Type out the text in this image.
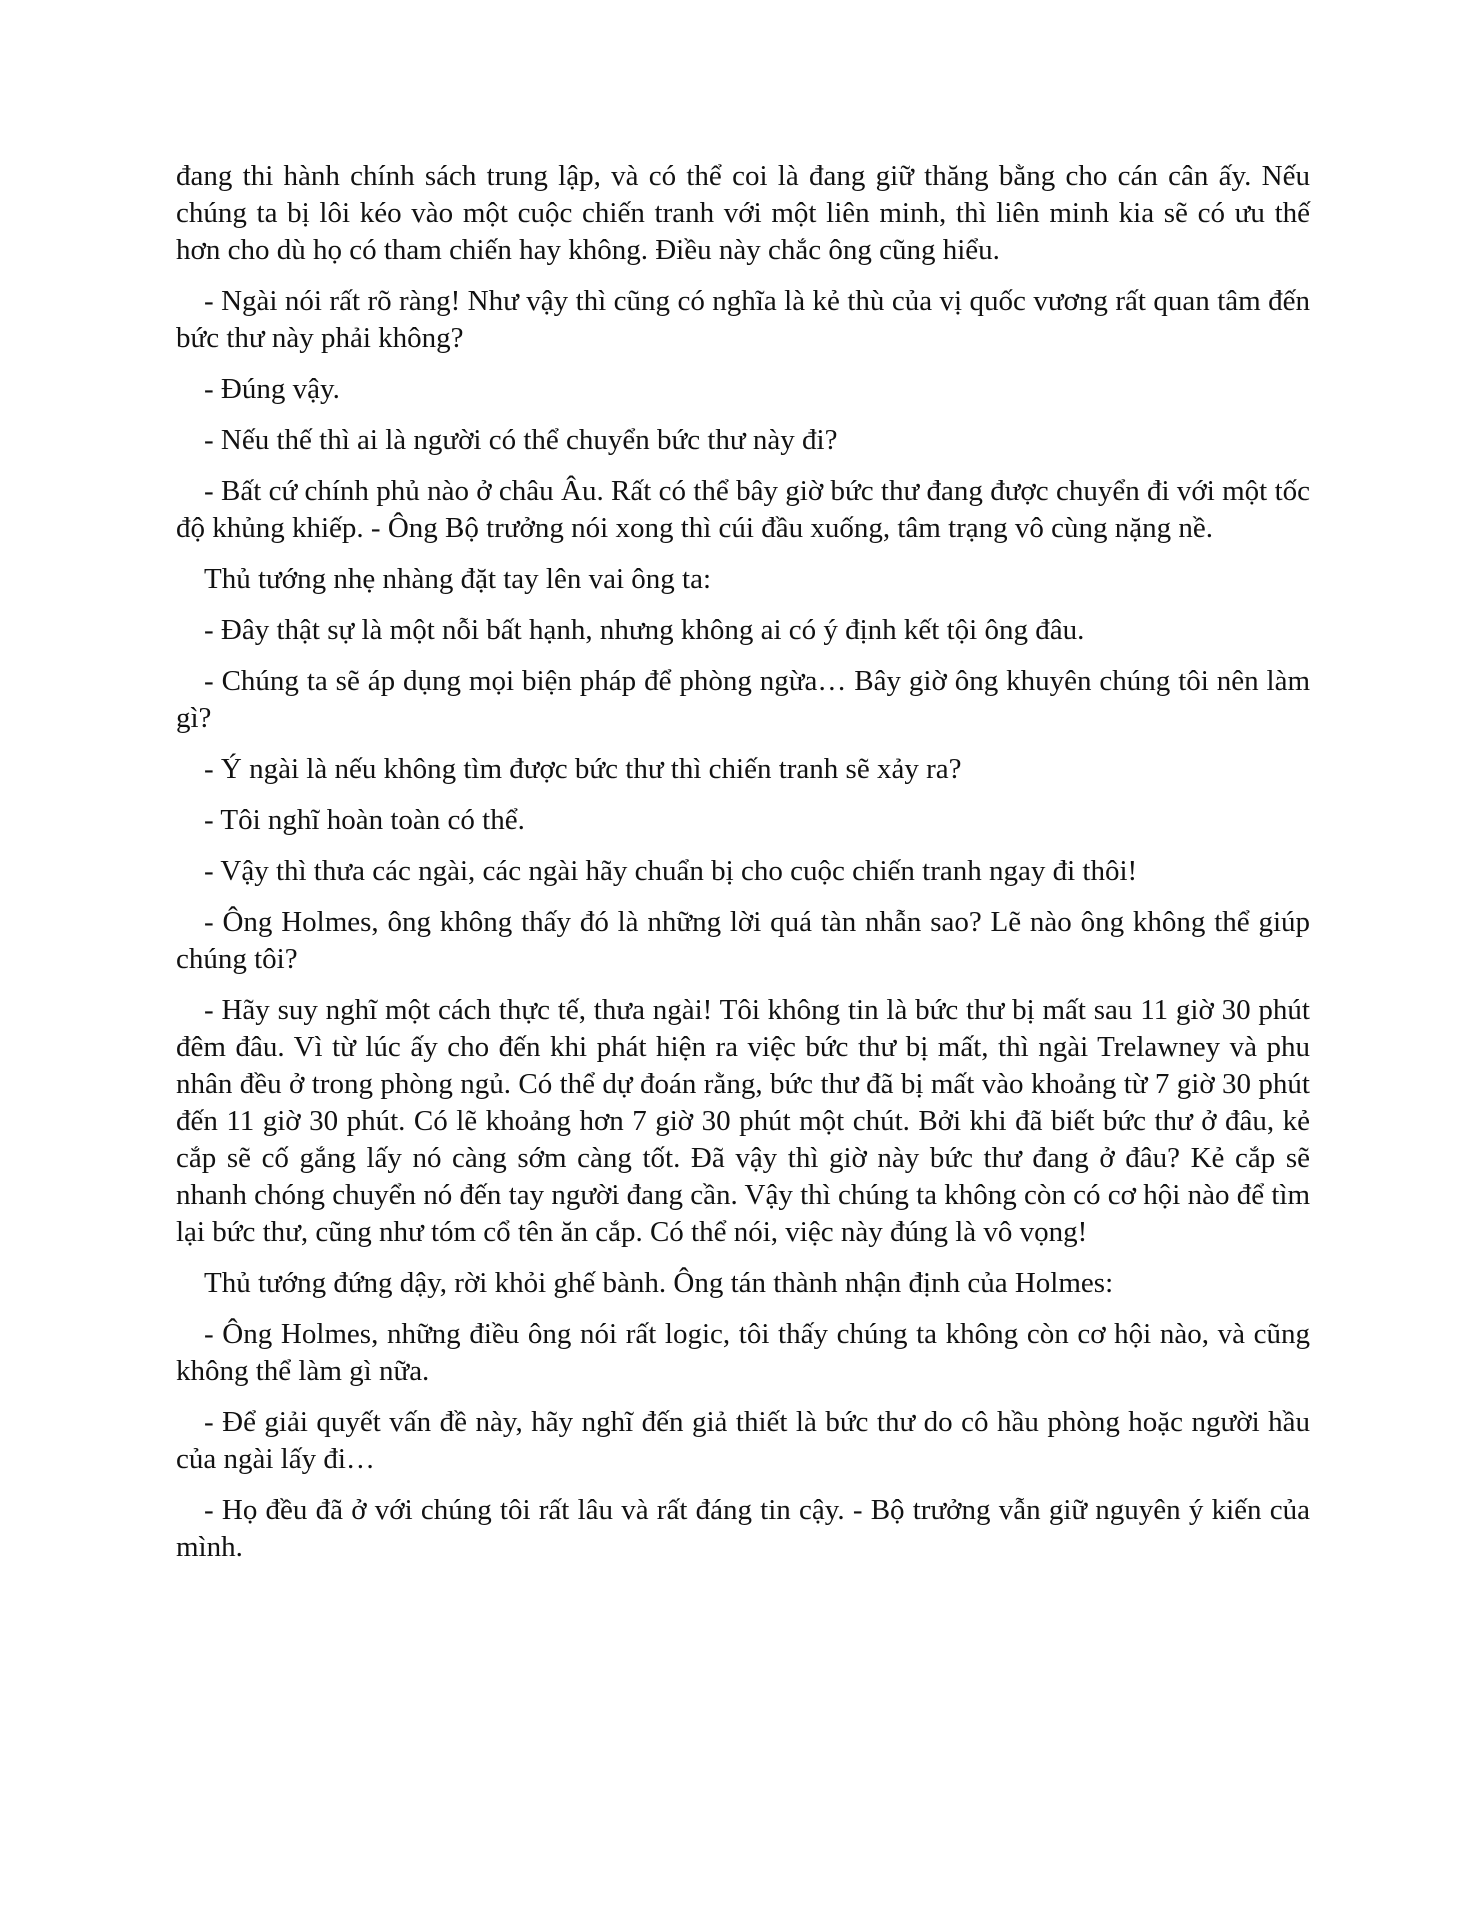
đang thi hành chính sách trung lập, và có thể coi là đang giữ thăng bằng cho cán cân ấy. Nếu chúng ta bị lôi kéo vào một cuộc chiến tranh với một liên minh, thì liên minh kia sẽ có ưu thế hơn cho dù họ có tham chiến hay không. Điều này chắc ông cũng hiểu.

- Ngài nói rất rõ ràng! Như vậy thì cũng có nghĩa là kẻ thù của vị quốc vương rất quan tâm đến bức thư này phải không?

- Đúng vậy.

- Nếu thế thì ai là người có thể chuyển bức thư này đi?

- Bất cứ chính phủ nào ở châu Âu. Rất có thể bây giờ bức thư đang được chuyển đi với một tốc độ khủng khiếp. - Ông Bộ trưởng nói xong thì cúi đầu xuống, tâm trạng vô cùng nặng nề.

Thủ tướng nhẹ nhàng đặt tay lên vai ông ta:

- Đây thật sự là một nỗi bất hạnh, nhưng không ai có ý định kết tội ông đâu.

- Chúng ta sẽ áp dụng mọi biện pháp để phòng ngừa… Bây giờ ông khuyên chúng tôi nên làm gì?

- Ý ngài là nếu không tìm được bức thư thì chiến tranh sẽ xảy ra?

- Tôi nghĩ hoàn toàn có thể.

- Vậy thì thưa các ngài, các ngài hãy chuẩn bị cho cuộc chiến tranh ngay đi thôi!

- Ông Holmes, ông không thấy đó là những lời quá tàn nhẫn sao? Lẽ nào ông không thể giúp chúng tôi?

- Hãy suy nghĩ một cách thực tế, thưa ngài! Tôi không tin là bức thư bị mất sau 11 giờ 30 phút đêm đâu. Vì từ lúc ấy cho đến khi phát hiện ra việc bức thư bị mất, thì ngài Trelawney và phu nhân đều ở trong phòng ngủ. Có thể dự đoán rằng, bức thư đã bị mất vào khoảng từ 7 giờ 30 phút đến 11 giờ 30 phút. Có lẽ khoảng hơn 7 giờ 30 phút một chút. Bởi khi đã biết bức thư ở đâu, kẻ cắp sẽ cố gắng lấy nó càng sớm càng tốt. Đã vậy thì giờ này bức thư đang ở đâu? Kẻ cắp sẽ nhanh chóng chuyển nó đến tay người đang cần. Vậy thì chúng ta không còn có cơ hội nào để tìm lại bức thư, cũng như tóm cổ tên ăn cắp. Có thể nói, việc này đúng là vô vọng!

Thủ tướng đứng dậy, rời khỏi ghế bành. Ông tán thành nhận định của Holmes:

- Ông Holmes, những điều ông nói rất logic, tôi thấy chúng ta không còn cơ hội nào, và cũng không thể làm gì nữa.

- Để giải quyết vấn đề này, hãy nghĩ đến giả thiết là bức thư do cô hầu phòng hoặc người hầu của ngài lấy đi…

- Họ đều đã ở với chúng tôi rất lâu và rất đáng tin cậy. - Bộ trưởng vẫn giữ nguyên ý kiến của mình.
